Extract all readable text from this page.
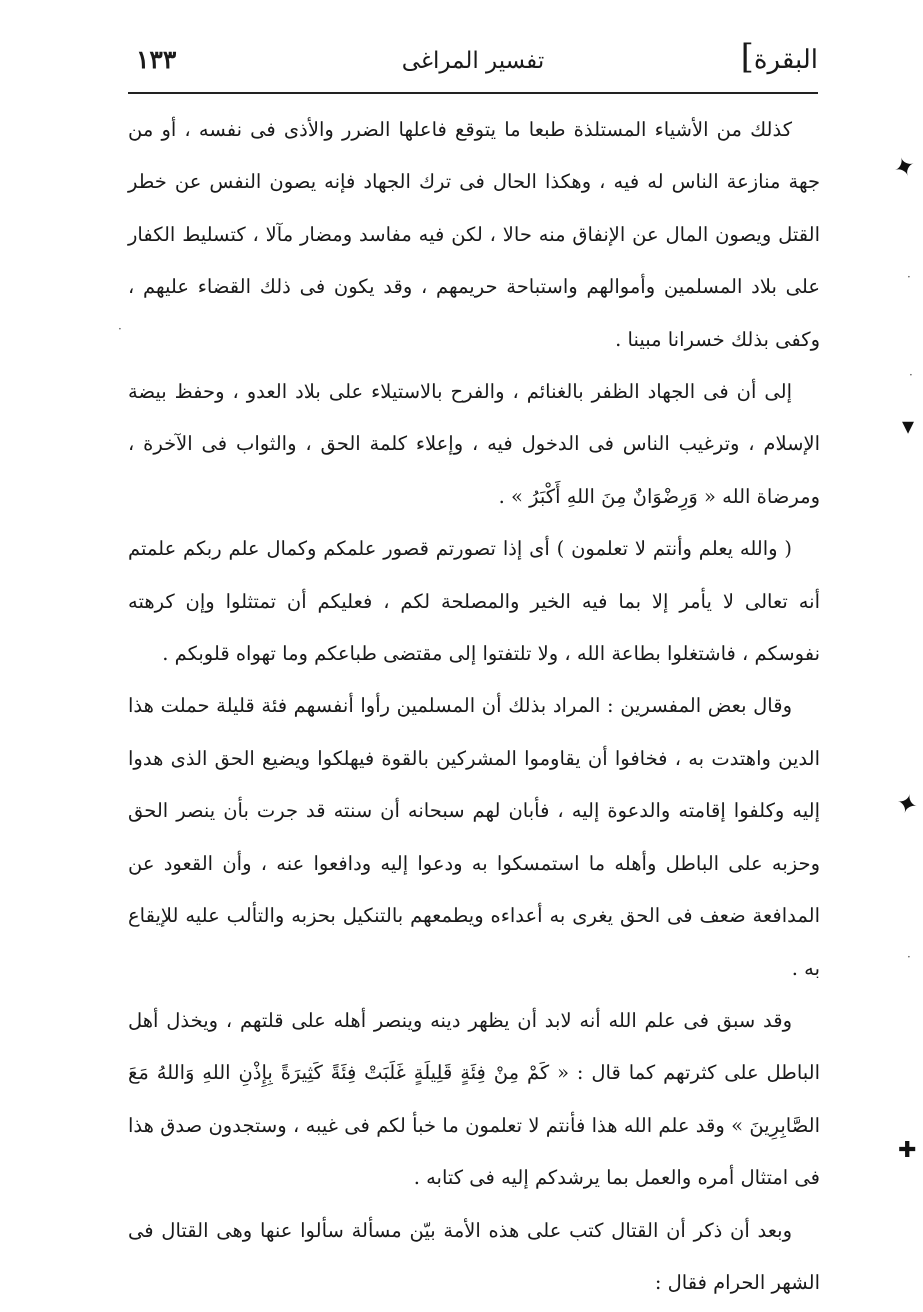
البقرة]
تفسير المراغى
١٣٣

كذلك من الأشياء المستلذة طبعا ما يتوقع فاعلها الضرر والأذى فى نفسه ، أو من جهة منازعة الناس له فيه ، وهكذا الحال فى ترك الجهاد فإنه يصون النفس عن خطر القتل ويصون المال عن الإنفاق منه حالا ، لكن فيه مفاسد ومضار مآلا ، كتسليط الكفار على بلاد المسلمين وأموالهم واستباحة حريمهم ، وقد يكون فى ذلك القضاء عليهم ، وكفى بذلك خسرانا مبينا .

إلى أن فى الجهاد الظفر بالغنائم ، والفرح بالاستيلاء على بلاد العدو ، وحفظ بيضة الإسلام ، وترغيب الناس فى الدخول فيه ، وإعلاء كلمة الحق ، والثواب فى الآخرة ، ومرضاة الله « وَرِضْوَانٌ مِنَ اللهِ أَكْبَرُ » .

( والله يعلم وأنتم لا تعلمون ) أى إذا تصورتم قصور علمكم وكمال علم ربكم علمتم أنه تعالى لا يأمر إلا بما فيه الخير والمصلحة لكم ، فعليكم أن تمتثلوا وإن كرهته نفوسكم ، فاشتغلوا بطاعة الله ، ولا تلتفتوا إلى مقتضى طباعكم وما تهواه قلوبكم .

وقال بعض المفسرين : المراد بذلك أن المسلمين رأوا أنفسهم فئة قليلة حملت هذا الدين واهتدت به ، فخافوا أن يقاوموا المشركين بالقوة فيهلكوا ويضيع الحق الذى هدوا إليه وكلفوا إقامته والدعوة إليه ، فأبان لهم سبحانه أن سنته قد جرت بأن ينصر الحق وحزبه على الباطل وأهله ما استمسكوا به ودعوا إليه ودافعوا عنه ، وأن القعود عن المدافعة ضعف فى الحق يغرى به أعداءه ويطمعهم بالتنكيل بحزبه والتألب عليه للإيقاع به .

وقد سبق فى علم الله أنه لابد أن يظهر دينه وينصر أهله على قلتهم ، ويخذل أهل الباطل على كثرتهم كما قال : « كَمْ مِنْ فِئَةٍ قَلِيلَةٍ غَلَبَتْ فِئَةً كَثِيرَةً بِإِذْنِ اللهِ وَاللهُ مَعَ الصَّابِرِينَ » وقد علم الله هذا فأنتم لا تعلمون ما خبأ لكم فى غيبه ، وستجدون صدق هذا فى امتثال أمره والعمل بما يرشدكم إليه فى كتابه .

وبعد أن ذكر أن القتال كتب على هذه الأمة بيّن مسألة سألوا عنها وهى القتال فى الشهر الحرام فقال :

✦
▾
✦
✚
·
·
·
·
